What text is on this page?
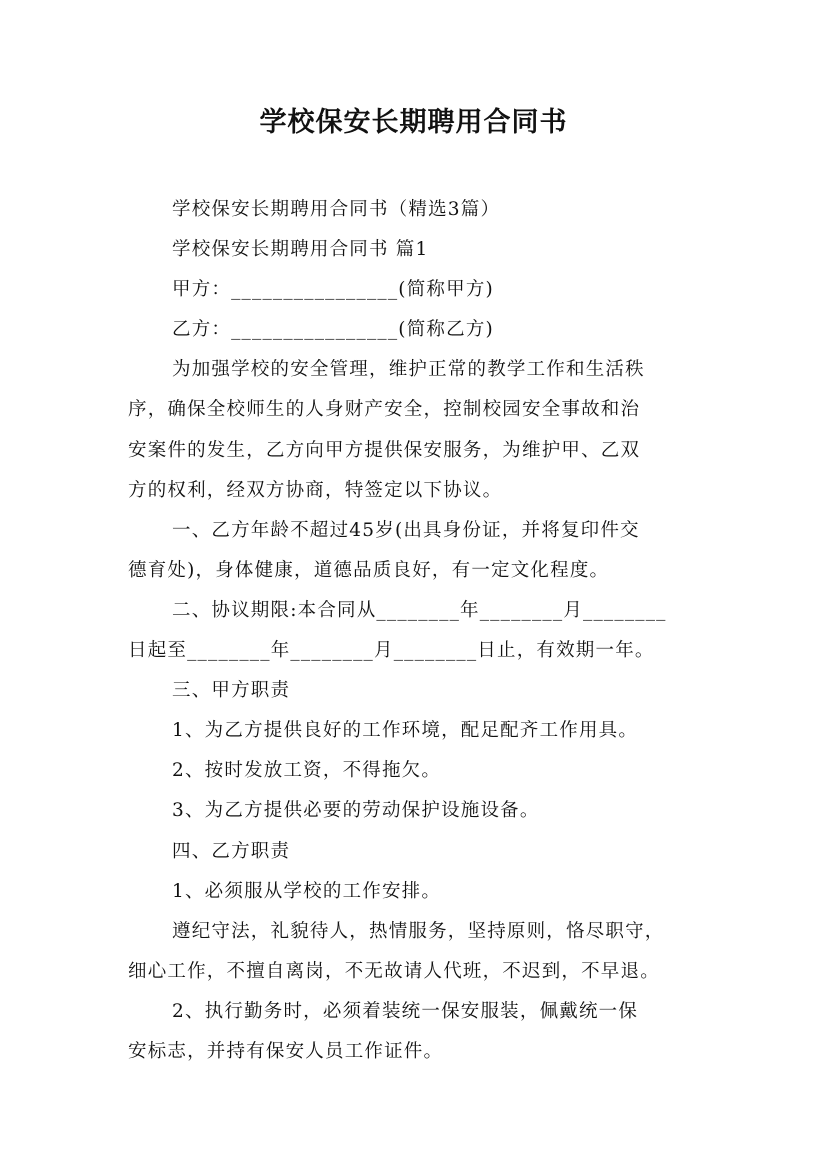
学校保安长期聘用合同书
学校保安长期聘用合同书（精选3篇）
学校保安长期聘用合同书 篇1
甲方：________________(简称甲方)
乙方：________________(简称乙方)
为加强学校的安全管理，维护正常的教学工作和生活秩
序，确保全校师生的人身财产安全，控制校园安全事故和治
安案件的发生，乙方向甲方提供保安服务，为维护甲、乙双
方的权利，经双方协商，特签定以下协议。
一、乙方年龄不超过45岁(出具身份证，并将复印件交
德育处)，身体健康，道德品质良好，有一定文化程度。
二、协议期限:本合同从________年________月________
日起至________年________月________日止，有效期一年。
三、甲方职责
1、为乙方提供良好的工作环境，配足配齐工作用具。
2、按时发放工资，不得拖欠。
3、为乙方提供必要的劳动保护设施设备。
四、乙方职责
1、必须服从学校的工作安排。
遵纪守法，礼貌待人，热情服务，坚持原则，恪尽职守，
细心工作，不擅自离岗，不无故请人代班，不迟到，不早退。
2、执行勤务时，必须着装统一保安服装，佩戴统一保
安标志，并持有保安人员工作证件。
